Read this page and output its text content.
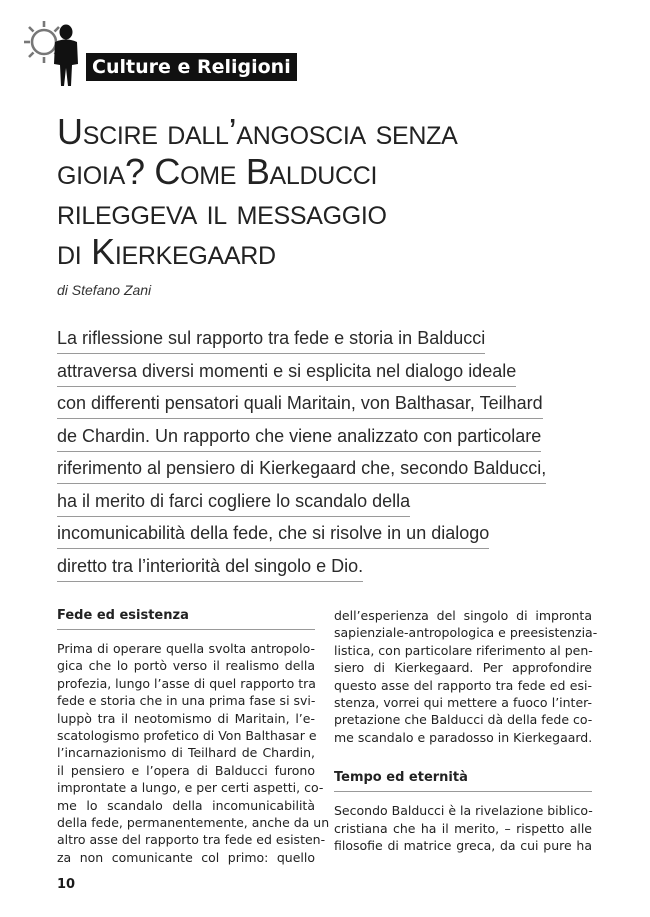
Culture e Religioni
Uscire dall’angoscia senza
gioia? Come Balducci
rileggeva il messaggio
di Kierkegaard
di Stefano Zani
La riflessione sul rapporto tra fede e storia in Balducci
attraversa diversi momenti e si esplicita nel dialogo ideale
con differenti pensatori quali Maritain, von Balthasar, Teilhard
de Chardin. Un rapporto che viene analizzato con particolare
riferimento al pensiero di Kierkegaard che, secondo Balducci,
ha il merito di farci cogliere lo scandalo della
incomunicabilità della fede, che si risolve in un dialogo
diretto tra l’interiorità del singolo e Dio.
Fede ed esistenza
Prima di operare quella svolta antropolo-
gica che lo portò verso il realismo della
profezia, lungo l’asse di quel rapporto tra
fede e storia che in una prima fase si svi-
luppò tra il neotomismo di Maritain, l’e-
scatologismo profetico di Von Balthasar e
l’incarnazionismo di Teilhard de Chardin,
il pensiero e l’opera di Balducci furono
improntate a lungo, e per certi aspetti, co-
me lo scandalo della incomunicabilità
della fede, permanentemente, anche da un
altro asse del rapporto tra fede ed esisten-
za non comunicante col primo: quello
dell’esperienza del singolo di impronta
sapienziale-antropologica e preesistenzia-
listica, con particolare riferimento al pen-
siero di Kierkegaard. Per approfondire
questo asse del rapporto tra fede ed esi-
stenza, vorrei qui mettere a fuoco l’inter-
pretazione che Balducci dà della fede co-
me scandalo e paradosso in Kierkegaard.
Tempo ed eternità
Secondo Balducci è la rivelazione biblico-
cristiana che ha il merito, – rispetto alle
filosofie di matrice greca, da cui pure ha
10
